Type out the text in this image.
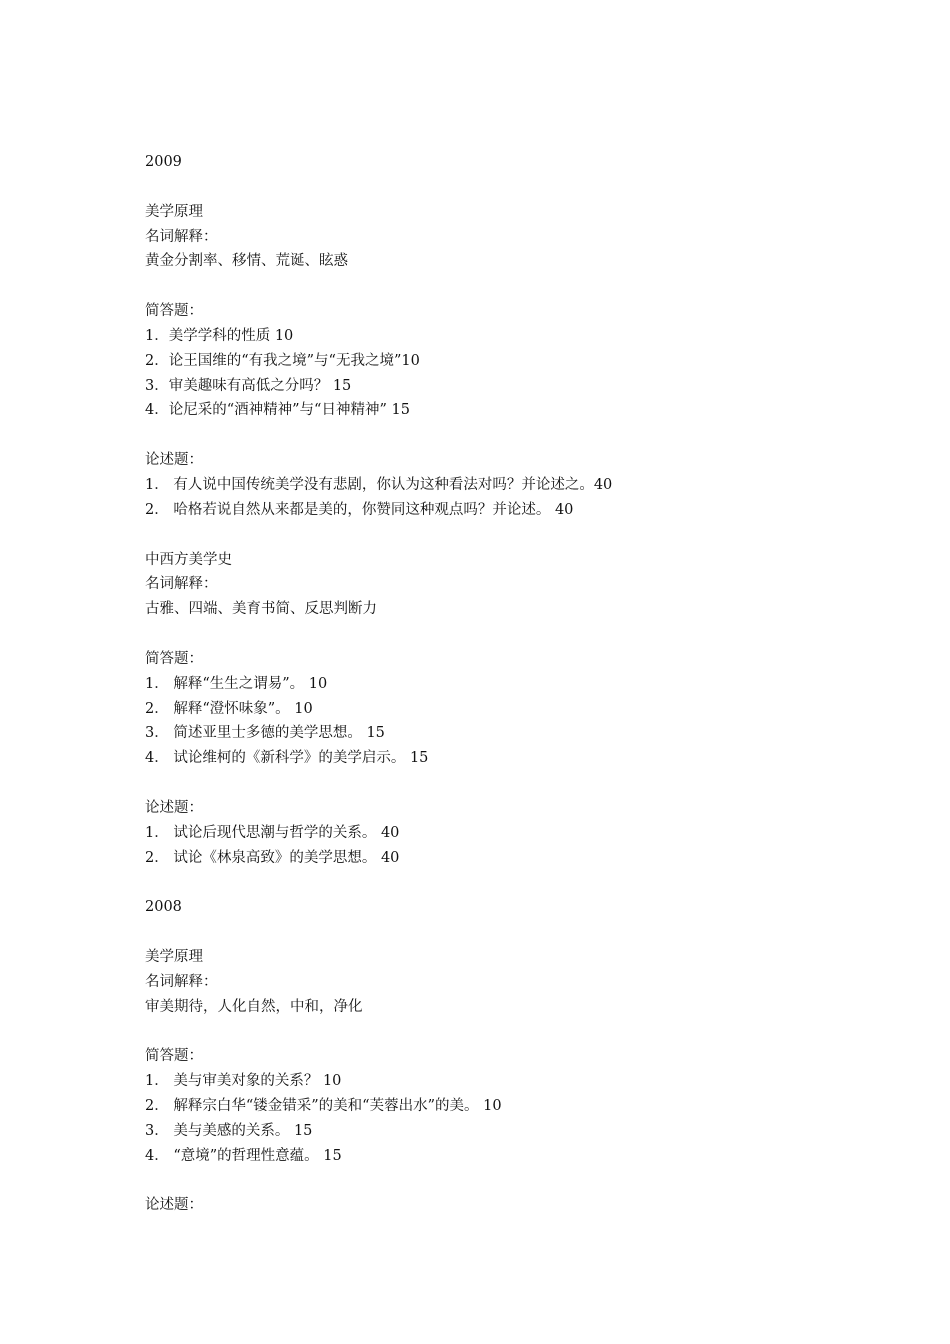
2009
美学原理
名词解释：
黄金分割率、移情、荒诞、眩惑
简答题：
1．美学学科的性质 10
2．论王国维的“有我之境”与“无我之境”10
3．审美趣味有高低之分吗？ 15
4．论尼采的“酒神精神”与“日神精神” 15
论述题：
1． 有人说中国传统美学没有悲剧，你认为这种看法对吗？并论述之。40
2． 哈格若说自然从来都是美的，你赞同这种观点吗？并论述。 40
中西方美学史
名词解释：
古雅、四端、美育书简、反思判断力
简答题：
1． 解释“生生之谓易”。 10
2． 解释“澄怀味象”。 10
3． 简述亚里士多德的美学思想。 15
4． 试论维柯的《新科学》的美学启示。 15
论述题：
1． 试论后现代思潮与哲学的关系。 40
2． 试论《林泉高致》的美学思想。 40
2008
美学原理
名词解释：
审美期待，人化自然，中和，净化
简答题：
1． 美与审美对象的关系？ 10
2． 解释宗白华“镂金错采”的美和“芙蓉出水”的美。 10
3． 美与美感的关系。 15
4． “意境”的哲理性意蕴。 15
论述题：
